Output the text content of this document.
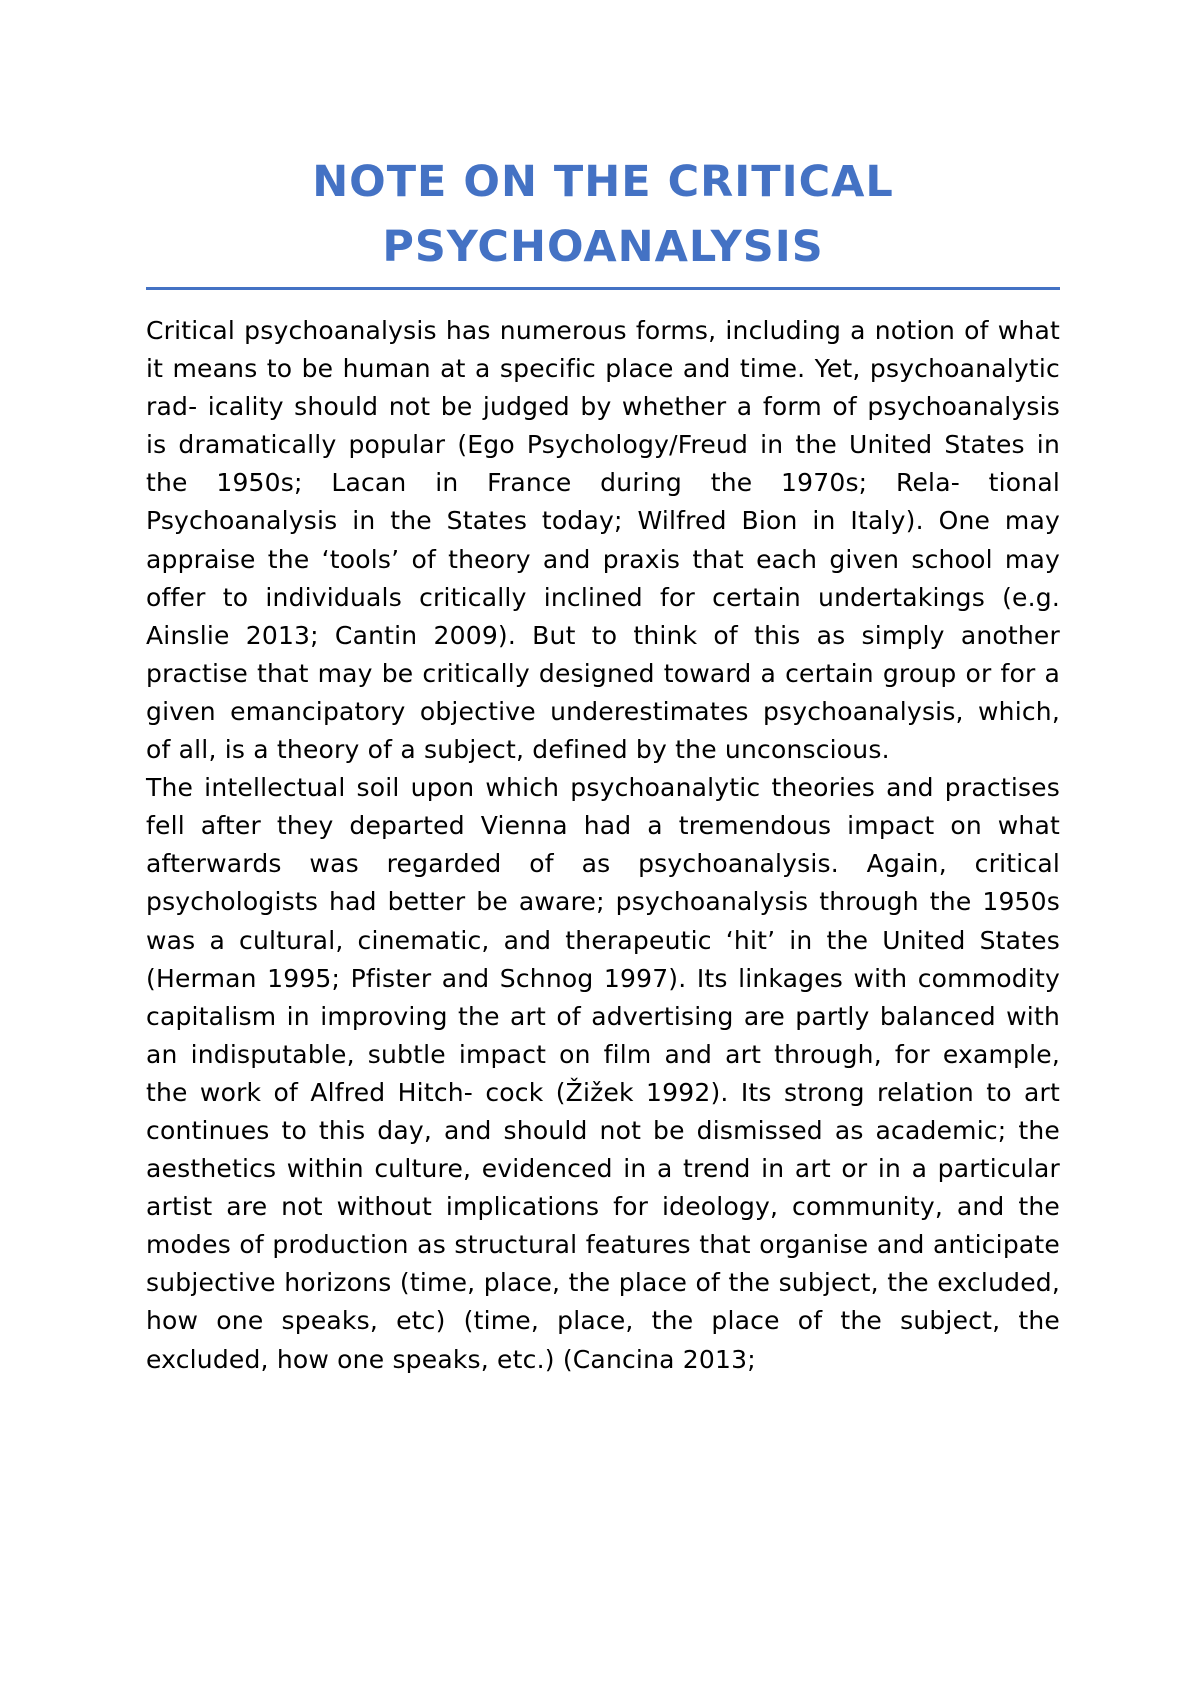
NOTE ON THE CRITICAL
PSYCHOANALYSIS

Critical psychoanalysis has numerous forms, including a notion of what it means to be human at a specific place and time. Yet, psychoanalytic rad- icality should not be judged by whether a form of psychoanalysis is dramatically popular (Ego Psychology/Freud in the United States in the 1950s; Lacan in France during the 1970s; Rela- tional Psychoanalysis in the States today; Wilfred Bion in Italy). One may appraise the ‘tools’ of theory and praxis that each given school may offer to individuals critically inclined for certain undertakings (e.g. Ainslie 2013; Cantin 2009). But to think of this as simply another practise that may be critically designed toward a certain group or for a given emancipatory objective underestimates psychoanalysis, which, of all, is a theory of a subject, defined by the unconscious.

The intellectual soil upon which psychoanalytic theories and practises fell after they departed Vienna had a tremendous impact on what afterwards was regarded of as psychoanalysis. Again, critical psychologists had better be aware; psychoanalysis through the 1950s was a cultural, cinematic, and therapeutic ‘hit’ in the United States (Herman 1995; Pfister and Schnog 1997). Its linkages with commodity capitalism in improving the art of advertising are partly balanced with an indisputable, subtle impact on film and art through, for example, the work of Alfred Hitch- cock (Žižek 1992). Its strong relation to art continues to this day, and should not be dismissed as academic; the aesthetics within culture, evidenced in a trend in art or in a particular artist are not without implications for ideology, community, and the modes of production as structural features that organise and anticipate subjective horizons (time, place, the place of the subject, the excluded, how one speaks, etc) (time, place, the place of the subject, the excluded, how one speaks, etc.) (Cancina 2013;
